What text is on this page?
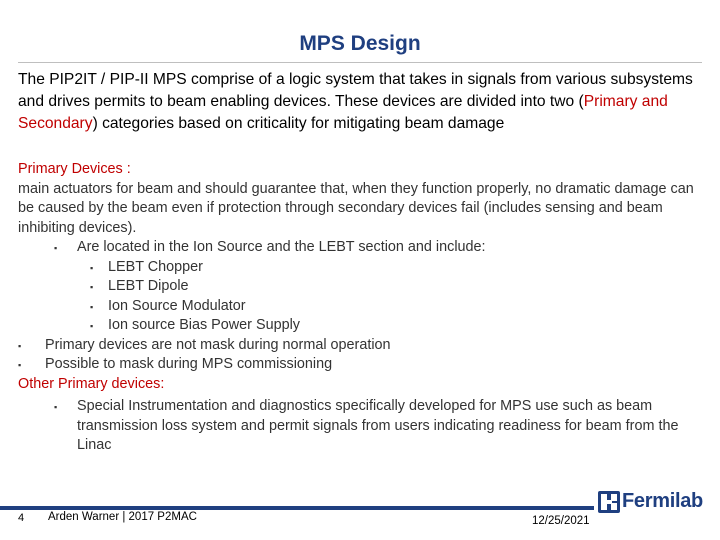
MPS Design

The PIP2IT / PIP-II MPS comprise of a logic system that takes in signals from various subsystems and drives permits to beam enabling devices. These devices are divided into two (Primary and Secondary) categories based on criticality for mitigating beam damage

Primary Devices :

main actuators for beam and should guarantee that, when they function properly, no dramatic damage can be caused by the beam even if protection through secondary devices fail (includes sensing and beam inhibiting devices).

▪ Are located in the Ion Source and the LEBT section and include:

▪ LEBT Chopper

▪ LEBT Dipole

▪ Ion Source Modulator

▪ Ion source Bias Power Supply

▪ Primary devices are not mask during normal operation

▪ Possible to mask during MPS commissioning

Other Primary devices:

▪ Special Instrumentation and diagnostics specifically developed for MPS use such as beam transmission loss system and permit signals from users indicating readiness for beam from the Linac

4 Arden Warner | 2017 P2MAC	12/25/2021
Fermilab
